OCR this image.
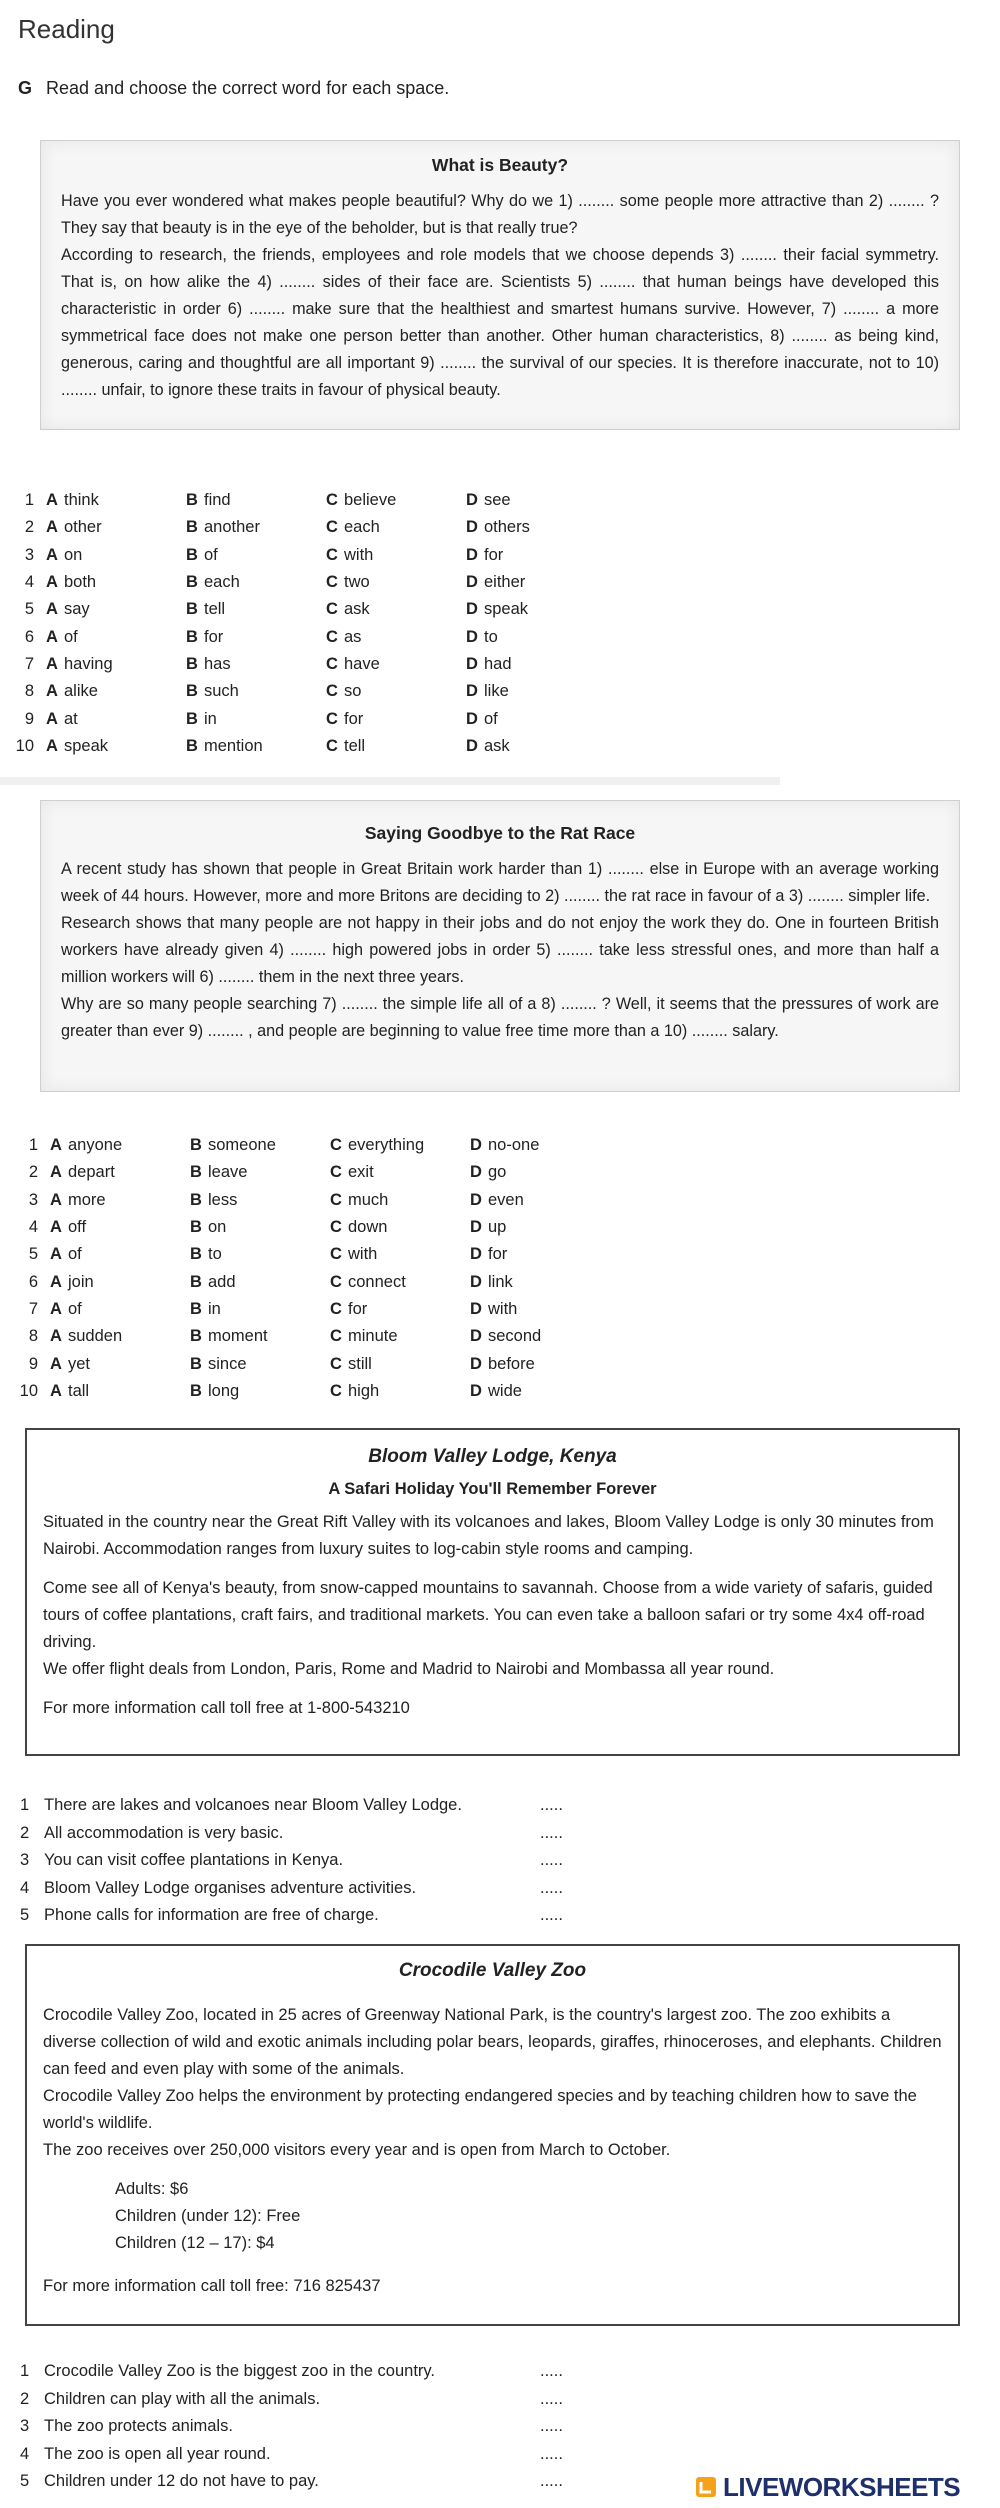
Reading
G Read and choose the correct word for each space.
What is Beauty?

Have you ever wondered what makes people beautiful? Why do we 1) ........ some people more attractive than 2) ........ ? They say that beauty is in the eye of the beholder, but is that really true?

According to research, the friends, employees and role models that we choose depends 3) ........ their facial symmetry. That is, on how alike the 4) ........ sides of their face are. Scientists 5) ........ that human beings have developed this characteristic in order 6) ........ make sure that the healthiest and smartest humans survive. However, 7) ........ a more symmetrical face does not make one person better than another. Other human characteristics, 8) ........ as being kind, generous, caring and thoughtful are all important 9) ........ the survival of our species. It is therefore inaccurate, not to 10) ........ unfair, to ignore these traits in favour of physical beauty.

1 A think	B find	C believe	D see
2 A other	B another	C each	D others
3 A on	B of	C with	D for
4 A both	B each	C two	D either
5 A say	B tell	C ask	D speak
6 A of	B for	C as	D to
7 A having	B has	C have	D had
8 A alike	B such	C so	D like
9 A at	B in	C for	D of
10 A speak	B mention	C tell	D ask
Saying Goodbye to the Rat Race

A recent study has shown that people in Great Britain work harder than 1) ........ else in Europe with an average working week of 44 hours. However, more and more Britons are deciding to 2) ........ the rat race in favour of a 3) ........ simpler life.

Research shows that many people are not happy in their jobs and do not enjoy the work they do. One in fourteen British workers have already given 4) ........ high powered jobs in order 5) ........ take less stressful ones, and more than half a million workers will 6) ........ them in the next three years.

Why are so many people searching 7) ........ the simple life all of a 8) ........ ? Well, it seems that the pressures of work are greater than ever 9) ........ , and people are beginning to value free time more than a 10) ........ salary.

1 A anyone	B someone	C everything	D no-one
2 A depart	B leave	C exit	D go
3 A more	B less	C much	D even
4 A off	B on	C down	D up
5 A of	B to	C with	D for
6 A join	B add	C connect	D link
7 A of	B in	C for	D with
8 A sudden	B moment	C minute	D second
9 A yet	B since	C still	D before
10 A tall	B long	C high	D wide
Bloom Valley Lodge, Kenya
A Safari Holiday You'll Remember Forever

Situated in the country near the Great Rift Valley with its volcanoes and lakes, Bloom Valley Lodge is only 30 minutes from Nairobi. Accommodation ranges from luxury suites to log-cabin style rooms and camping.

Come see all of Kenya's beauty, from snow-capped mountains to savannah. Choose from a wide variety of safaris, guided tours of coffee plantations, craft fairs, and traditional markets. You can even take a balloon safari or try some 4x4 off-road driving.

We offer flight deals from London, Paris, Rome and Madrid to Nairobi and Mombassa all year round.

For more information call toll free at 1-800-543210

1 There are lakes and volcanoes near Bloom Valley Lodge.	.....
2 All accommodation is very basic.	.....
3 You can visit coffee plantations in Kenya.	.....
4 Bloom Valley Lodge organises adventure activities.	.....
5 Phone calls for information are free of charge.	.....
Crocodile Valley Zoo

Crocodile Valley Zoo, located in 25 acres of Greenway National Park, is the country's largest zoo. The zoo exhibits a diverse collection of wild and exotic animals including polar bears, leopards, giraffes, rhinoceroses, and elephants. Children can feed and even play with some of the animals.

Crocodile Valley Zoo helps the environment by protecting endangered species and by teaching children how to save the world's wildlife.

The zoo receives over 250,000 visitors every year and is open from March to October.

Adults: $6
Children (under 12): Free
Children (12 – 17): $4

For more information call toll free: 716 825437

1 Crocodile Valley Zoo is the biggest zoo in the country.	.....
2 Children can play with all the animals.	.....
3 The zoo protects animals.	.....
4 The zoo is open all year round.	.....
5 Children under 12 do not have to pay.	.....	LIVEWORKSHEETS
